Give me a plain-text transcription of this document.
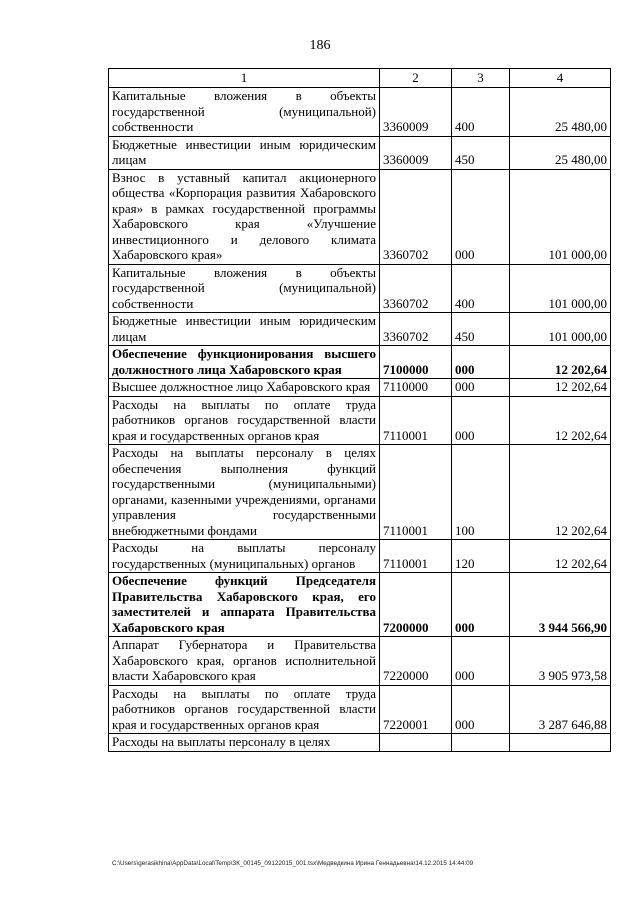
186
1	2	3	4
Капитальные вложения в объекты государственной (муниципальной) собственности	3360009	400	25 480,00
Бюджетные инвестиции иным юридическим лицам	3360009	450	25 480,00
Взнос в уставный капитал акционерного общества «Корпорация развития Хабаровского края» в рамках государственной программы Хабаровского края «Улучшение инвестиционного и делового климата Хабаровского края»	3360702	000	101 000,00
Капитальные вложения в объекты государственной (муниципальной) собственности	3360702	400	101 000,00
Бюджетные инвестиции иным юридическим лицам	3360702	450	101 000,00
Обеспечение функционирования высшего должностного лица Хабаровского края	7100000	000	12 202,64
Высшее должностное лицо Хабаровского края	7110000	000	12 202,64
Расходы на выплаты по оплате труда работников органов государственной власти края и государственных органов края	7110001	000	12 202,64
Расходы на выплаты персоналу в целях обеспечения выполнения функций государственными (муниципальными) органами, казенными учреждениями, органами управления государственными внебюджетными фондами	7110001	100	12 202,64
Расходы на выплаты персоналу государственных (муниципальных) органов	7110001	120	12 202,64
Обеспечение функций Председателя Правительства Хабаровского края, его заместителей и аппарата Правительства Хабаровского края	7200000	000	3 944 566,90
Аппарат Губернатора и Правительства Хабаровского края, органов исполнительной власти Хабаровского края	7220000	000	3 905 973,58
Расходы на выплаты по оплате труда работников органов государственной власти края и государственных органов края	7220001	000	3 287 646,88
Расходы на выплаты персоналу в целях			
C:\Users\gerasikhina\AppData\Local\Temp\ЗК_00145_09122015_001.tsx\Медведкина Ирина Геннадьевна\14.12.2015 14:44:09
